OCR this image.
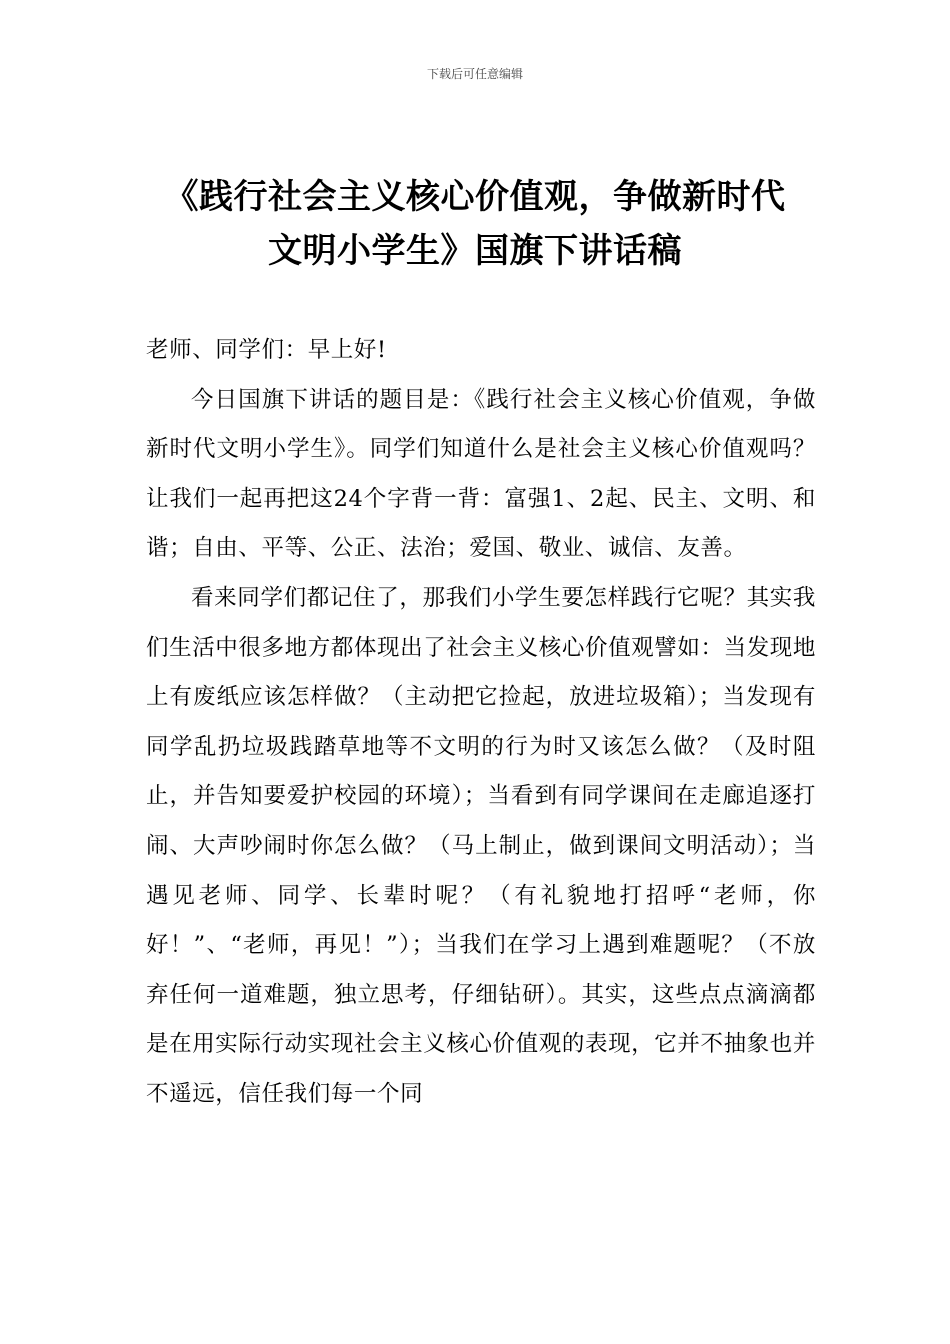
下载后可任意编辑
《践行社会主义核心价值观，争做新时代
文明小学生》国旗下讲话稿

老师、同学们：早上好!

今日国旗下讲话的题目是：《践行社会主义核心价值观，争做新时代文明小学生》。同学们知道什么是社会主义核心价值观吗？让我们一起再把这24个字背一背：富强1、2起、民主、文明、和谐；自由、平等、公正、法治；爱国、敬业、诚信、友善。

看来同学们都记住了，那我们小学生要怎样践行它呢？其实我们生活中很多地方都体现出了社会主义核心价值观譬如：当发现地上有废纸应该怎样做？（主动把它捡起，放进垃圾箱）；当发现有同学乱扔垃圾践踏草地等不文明的行为时又该怎么做？（及时阻止，并告知要爱护校园的环境）；当看到有同学课间在走廊追逐打闹、大声吵闹时你怎么做？（马上制止，做到课间文明活动）；当遇见老师、同学、长辈时呢？（有礼貌地打招呼“老师，你好！”、“老师，再见！”）；当我们在学习上遇到难题呢？（不放弃任何一道难题，独立思考，仔细钻研）。其实，这些点点滴滴都是在用实际行动实现社会主义核心价值观的表现，它并不抽象也并不遥远，信任我们每一个同
